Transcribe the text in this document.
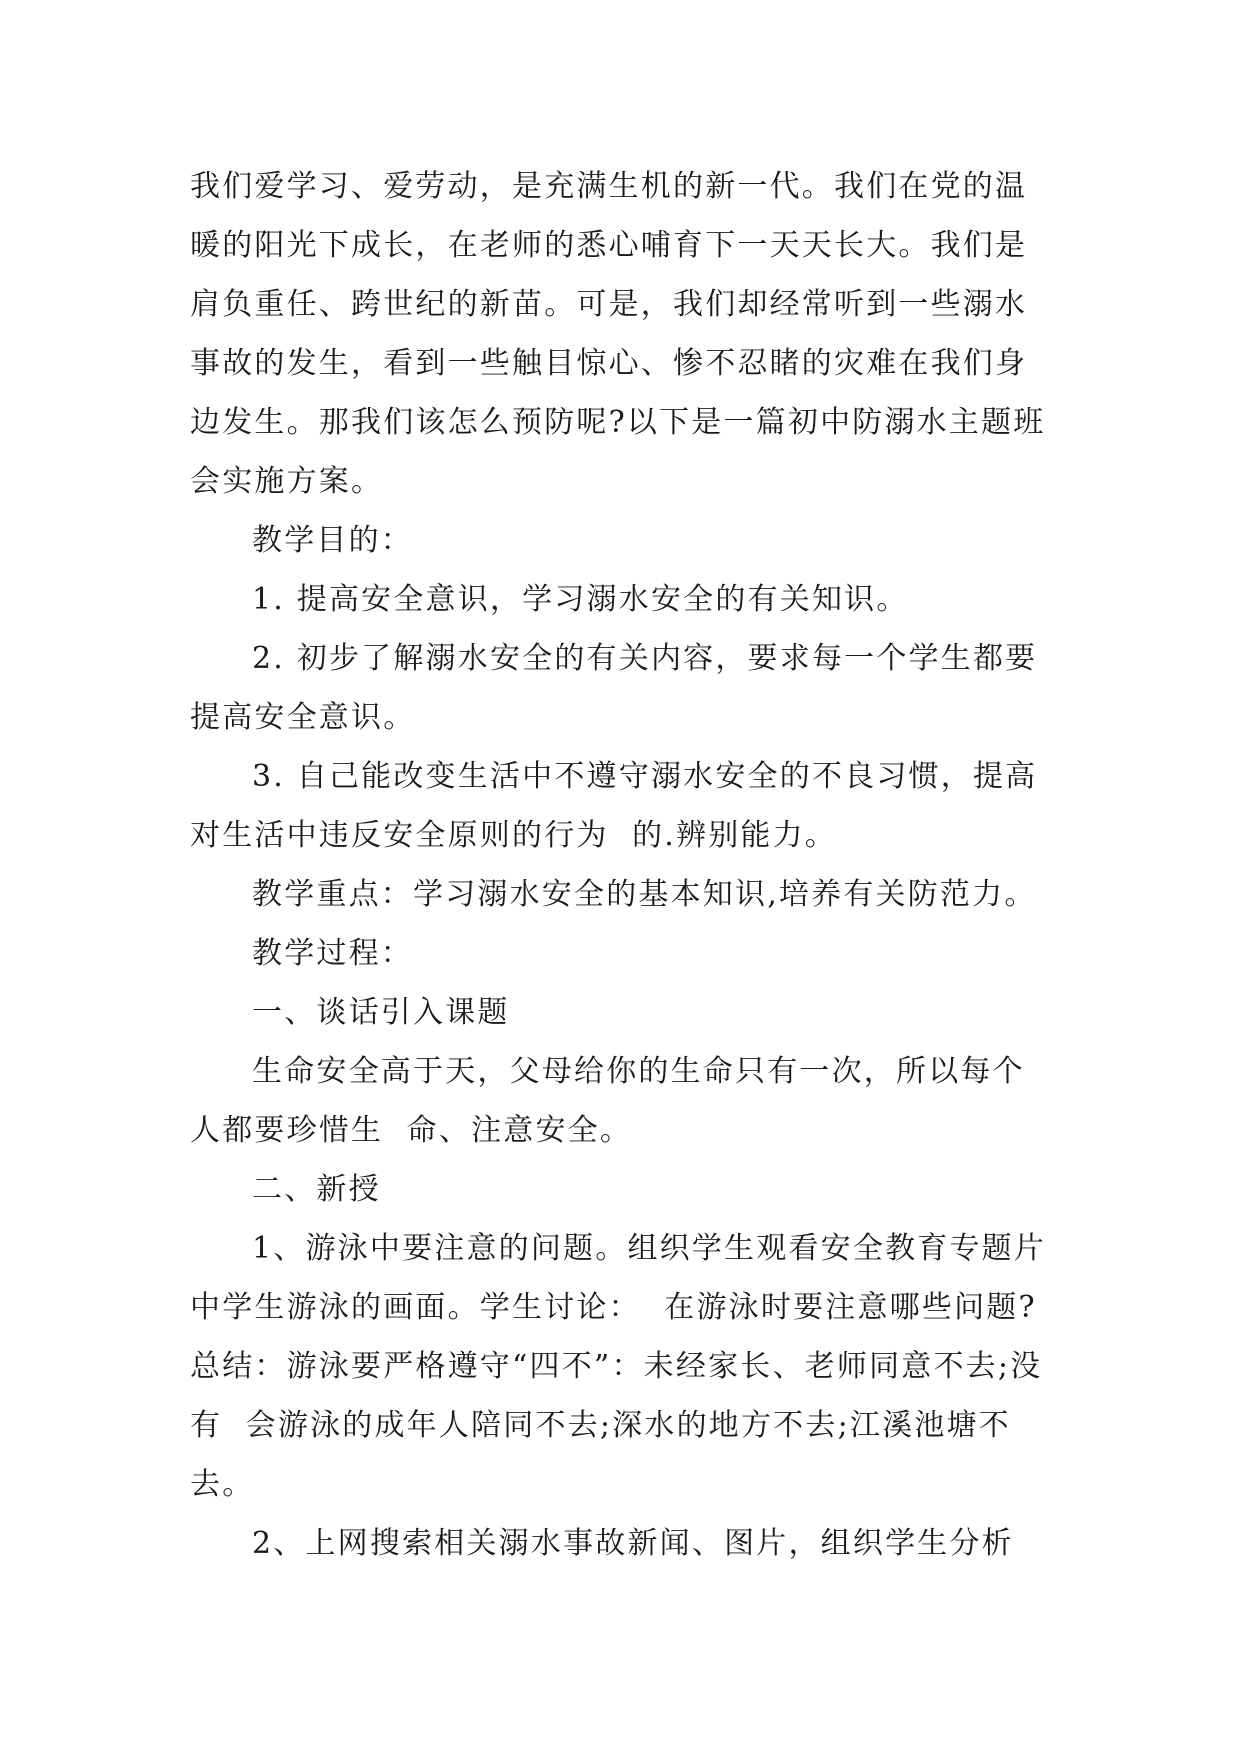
我们爱学习、爱劳动，是充满生机的新一代。我们在党的温暖的阳光下成长，在老师的悉心哺育下一天天长大。我们是肩负重任、跨世纪的新苗。可是，我们却经常听到一些溺水事故的发生，看到一些触目惊心、惨不忍睹的灾难在我们身边发生。那我们该怎么预防呢?以下是一篇初中防溺水主题班会实施方案。

教学目的：

1. 提高安全意识，学习溺水安全的有关知识。

2. 初步了解溺水安全的有关内容，要求每一个学生都要提高安全意识。

3. 自己能改变生活中不遵守溺水安全的不良习惯，提高对生活中违反安全原则的行为  的.辨别能力。

教学重点：学习溺水安全的基本知识,培养有关防范力。

教学过程：

一、谈话引入课题

生命安全高于天，父母给你的生命只有一次，所以每个人都要珍惜生  命、注意安全。

二、新授

1、游泳中要注意的问题。组织学生观看安全教育专题片中学生游泳的画面。学生讨论：  在游泳时要注意哪些问题?总结：游泳要严格遵守“四不”：未经家长、老师同意不去;没有  会游泳的成年人陪同不去;深水的地方不去;江溪池塘不去。

2、上网搜索相关溺水事故新闻、图片，组织学生分析
